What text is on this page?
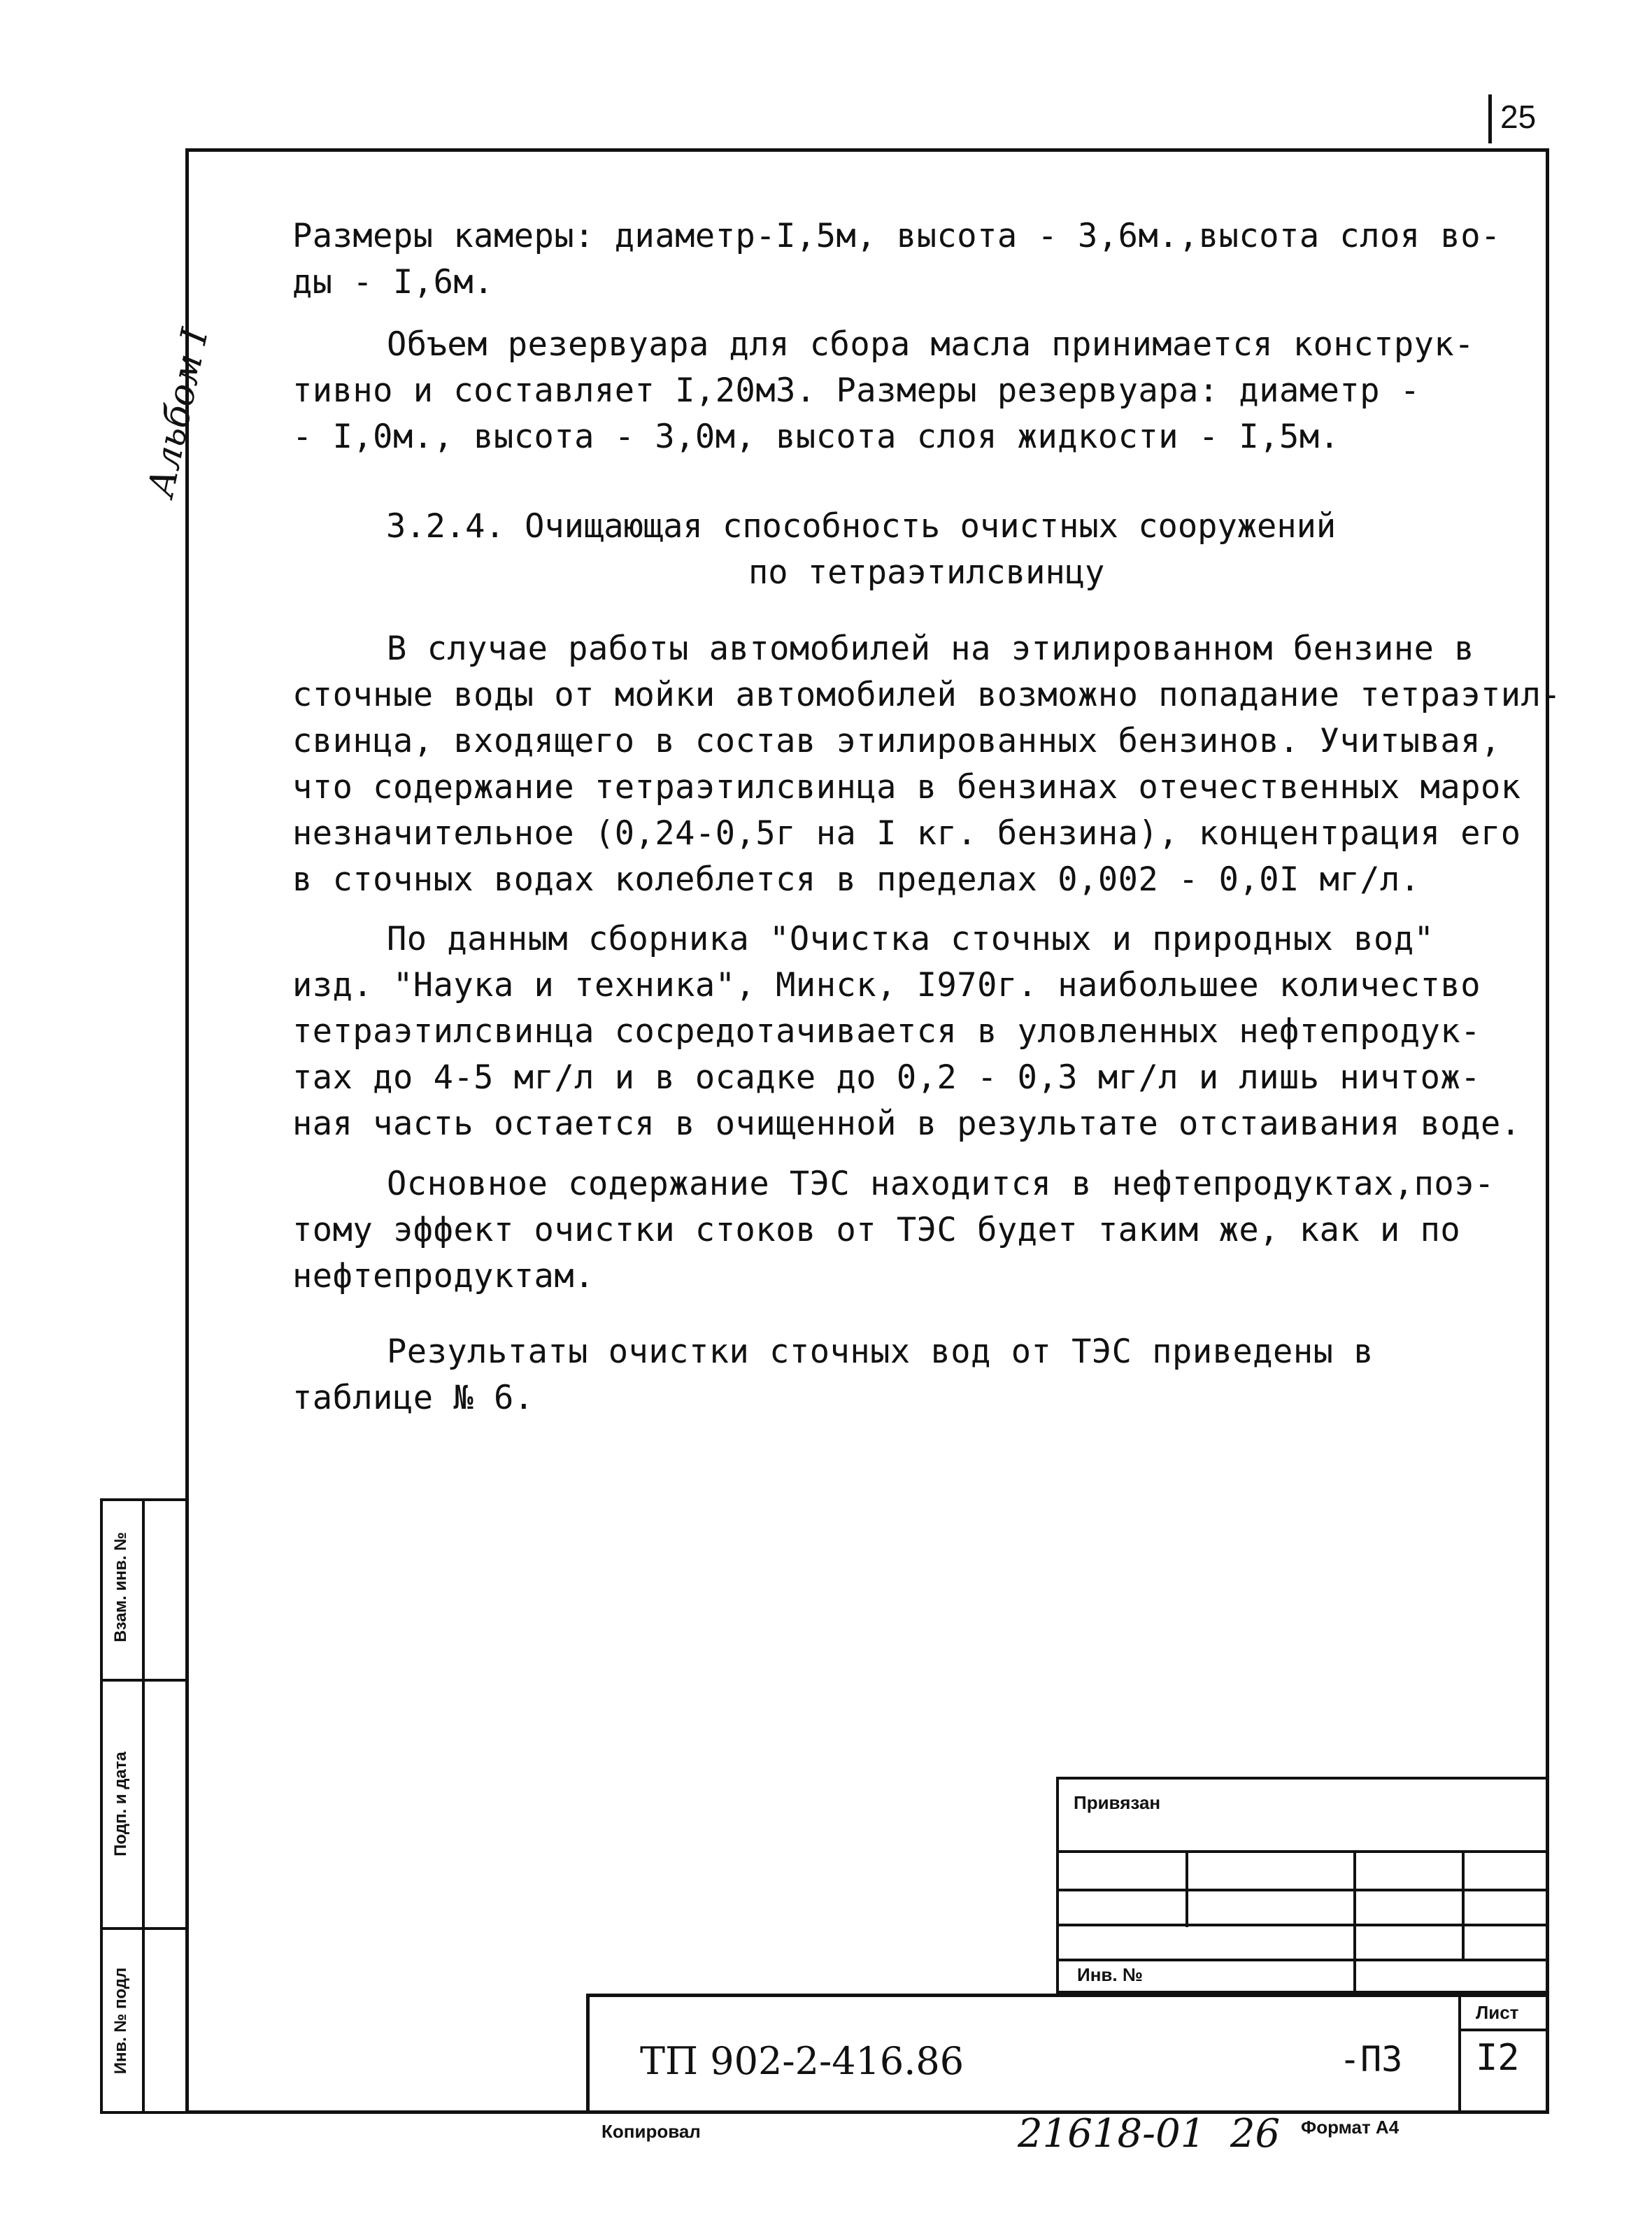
25
Альбом I

Размеры камеры: диаметр-I,5м, высота - 3,6м.,высота слоя во-

ды - I,6м.

Объем резервуара для сбора масла принимается конструк-

тивно и составляет I,20м3. Размеры резервуара: диаметр -

- I,0м., высота - 3,0м, высота слоя жидкости - I,5м.

3.2.4. Очищающая способность очистных сооружений
по тетраэтилсвинцу

В случае работы автомобилей на этилированном бензине в

сточные воды от мойки автомобилей возможно попадание тетраэтил-

свинца, входящего в состав этилированных бензинов. Учитывая,

что содержание тетраэтилсвинца в бензинах отечественных марок

незначительное (0,24-0,5г на I кг. бензина), концентрация его

в сточных водах колеблется в пределах 0,002 - 0,0I мг/л.

По данным сборника "Очистка сточных и природных вод"

изд. "Наука и техника", Минск, I970г. наибольшее количество

тетраэтилсвинца сосредотачивается в уловленных нефтепродук-

тах до 4-5 мг/л и в осадке до 0,2 - 0,3 мг/л и лишь ничтож-

ная часть остается в очищенной в результате отстаивания воде.

Основное содержание ТЭС находится в нефтепродуктах,поэ-

тому эффект очистки стоков от ТЭС будет таким же, как и по

нефтепродуктам.

Результаты очистки сточных вод от ТЭС приведены в

таблице № 6.

Взам. инв. №
Подп. и дата
Инв. № подл
Привязан
Инв. №
Лист
I2
ТП 902-2-416.86	-ПЗ
Копировал	21618-01  26 Формат А4
